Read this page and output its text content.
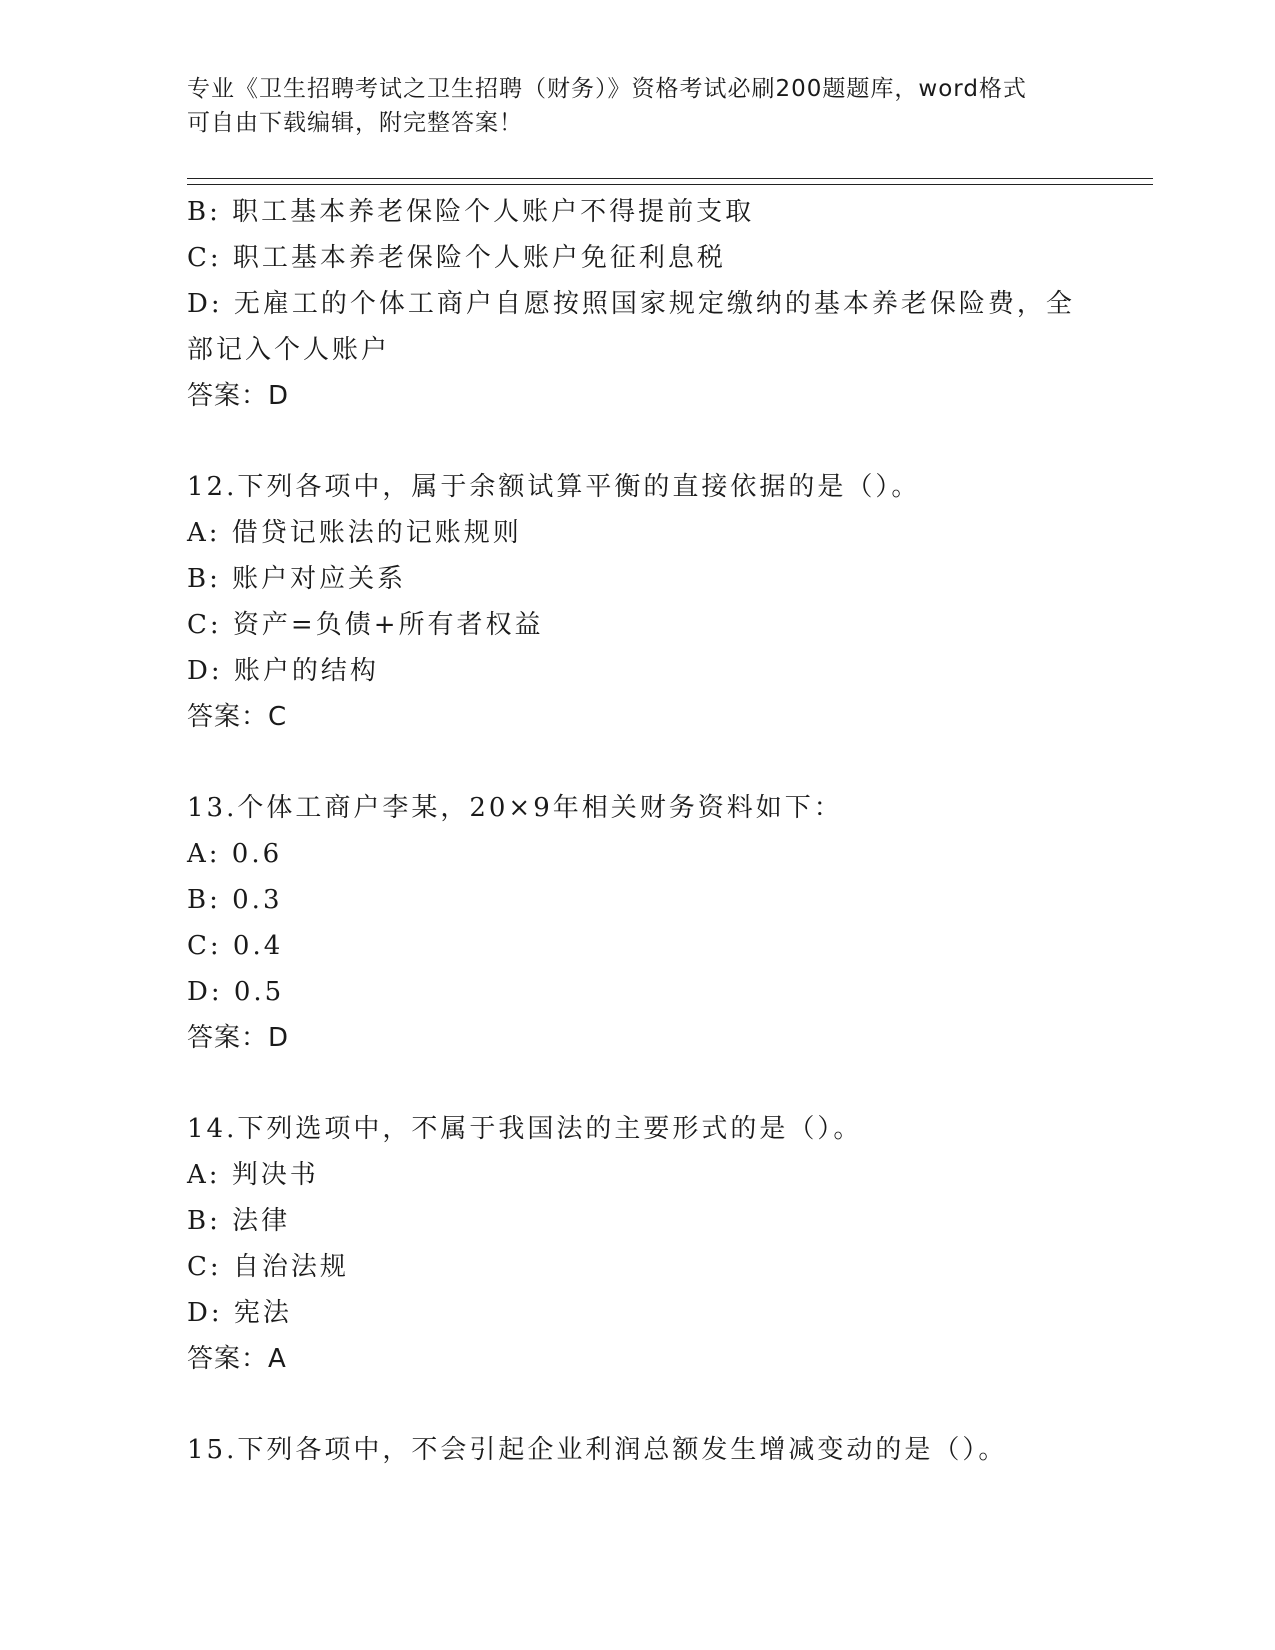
专业《卫生招聘考试之卫生招聘（财务）》资格考试必刷200题题库，word格式
可自由下载编辑，附完整答案！
B: 职工基本养老保险个人账户不得提前支取
C: 职工基本养老保险个人账户免征利息税
D: 无雇工的个体工商户自愿按照国家规定缴纳的基本养老保险费，全
部记入个人账户
答案：D
12.下列各项中，属于余额试算平衡的直接依据的是（）。
A: 借贷记账法的记账规则
B: 账户对应关系
C: 资产=负债+所有者权益
D: 账户的结构
答案：C
13.个体工商户李某，20×9年相关财务资料如下：
A: 0.6
B: 0.3
C: 0.4
D: 0.5
答案：D
14.下列选项中，不属于我国法的主要形式的是（）。
A: 判决书
B: 法律
C: 自治法规
D: 宪法
答案：A
15.下列各项中，不会引起企业利润总额发生增减变动的是（）。
